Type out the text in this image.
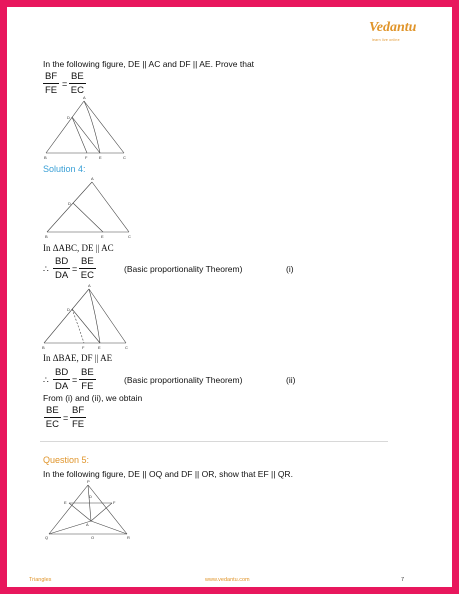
Vedantu
learn live online
In the following figure, DE || AC and DF || AE. Prove that
$\frac{BF}{FE} = \frac{BE}{EC}$
A
D
B	F	E	C
Solution 4:
A
D
B	E	C
In ΔABC, DE || AC
∴ $\frac{BD}{DA} = \frac{BE}{EC}$	(Basic proportionality Theorem)	(i)
A
D
B	F	E	C
In ΔBAE, DF || AE
∴ $\frac{BD}{DA} = \frac{BE}{FE}$	(Basic proportionality Theorem)	(ii)
From (i) and (ii), we obtain
$\frac{BE}{EC} = \frac{BF}{FE}$
Question 5:
In the following figure, DE || OQ and DF || OR, show that EF || QR.
P
E
D
F
A
Q	O	R
Triangles	www.vedantu.com	7
